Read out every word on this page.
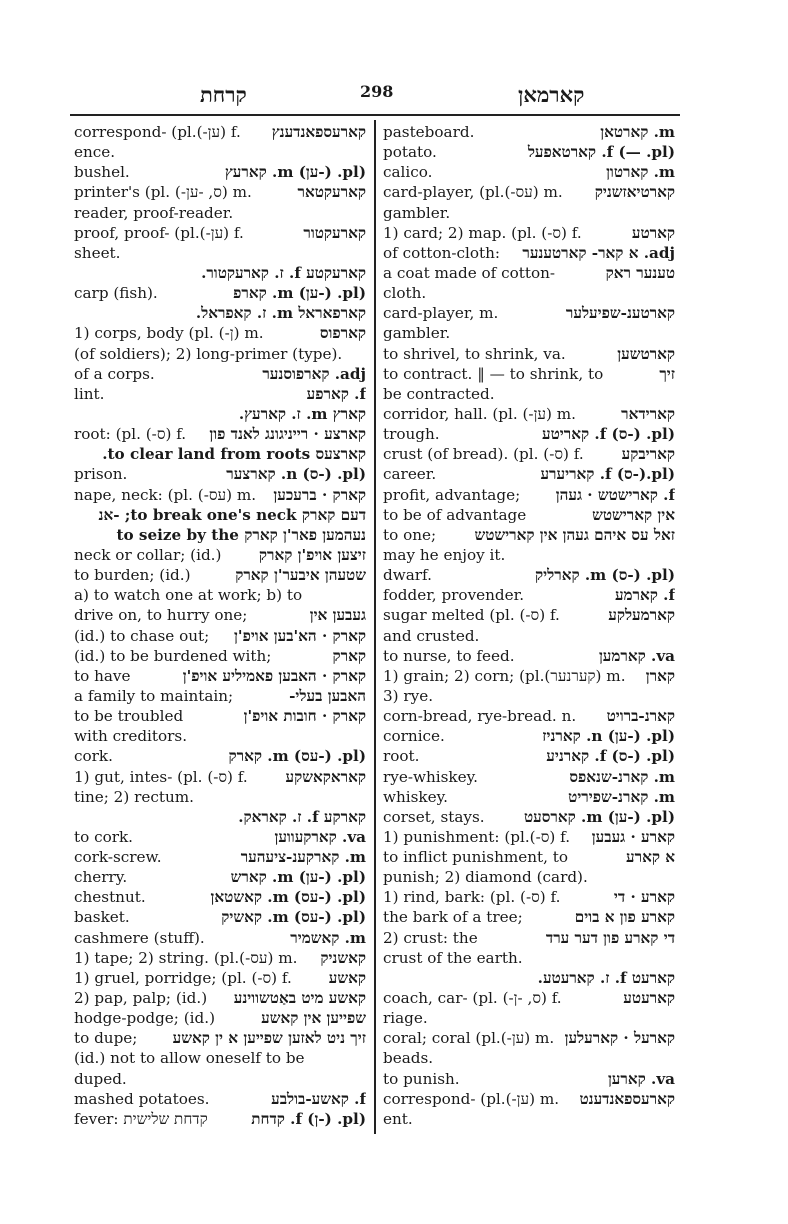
קרחת	298	קארמאן
correspond- (pl.(-ען) f. קארעספאנדענץ
ence.
bushel.	(pl. (-ען) m. קארעץ
printer's (pl. (-ס, -ען) m.	קארעקטאר
reader, proof-reader.
proof, proof- (pl.(-ען) f.	קארעקטור
sheet.
קארעקטע f. ז. קארעקטור.
carp (fish).	(pl. (-ען) m. קארפ
קארפאראל m. ז. קאפראל.
1) corps, body (pl. (-ן) m.	קארפוס
(of soldiers); 2) long-primer (type).
of a corps.	adj. קארפוסנער
lint.	f. קארפע
קארץ m. ז. קארעץ.
root: (pl. (-ס) f. קארצע · רייניגונג לאנד פון
קארצעס to clear land from roots.
prison.	(pl. (-ס) n. קארצער
nape, neck: (pl. (-עס) m. קארק · ברעכען
דעם קארק to break one's neck; -אנ
נעהמען פאר'ן קארק to seize by the
neck or collar; (id.) זיצען אויפ'ן קארק
to burden; (id.)	שטעהן איבער'ן קארק
a) to watch one at work; b) to
drive on, to hurry one;	געבען אין
(id.) to chase out; קארק · הא'בען אויפ'ן
(id.) to be burdened with;	קארק
to have	קארק · האבען פאמיליע אויפ'ן
a family to maintain;	האבען בעלי-
to be troubled	קארק · חובות אויפ'ן
with creditors.
cork.	(pl. (-עס) m. קארק
1) gut, intes- (pl. (-ס) f. קאראקאשקע
tine; 2) rectum.
קארקע f. ז. קאראק.
to cork.	va. קארקעווען
cork-screw.	m. קארקענ-ציעהער
cherry.	(pl. (-ען) m. קארש
chestnut.	(pl. (-עס) m. קאשטאן
basket.	(pl. (-עס) m. קאשיק
cashmere (stuff).	m. קאשמיר
1) tape; 2) string. (pl.(-עס) m. קאשניק
1) gruel, porridge; (pl. (-ס) f. קאשע
2) pap, palp; (id.) קאשע מיט באַטשווינע
hodge-podge; (id.)	שפייען אין קאשע
to dupe; זיך ניט לאזען שפייען א ין קאשע
(id.) not to allow oneself to be
duped.
mashed potatoes.	f. קאשע-בולבע
fever: קדחת שלישית	(pl. (-ן) f. קדחת
pasteboard.	m. קארטאן
potato.	(pl. —) f. קארטאפעל
calico.	m. קארטון
card-player, (pl.(-עס) m. קארטיאזשניק
gambler.
1) card; 2) map. (pl. (-ס) f.	קארטע
of cotton-cloth: adj. א קאר- קארטענער
a coat made of cotton-	טענער ראק
cloth.
card-player, m.	קארטענ-שפיעלער
gambler.
to shrivel, to shrink, va.	קארטשען
to contract. ‖ — to shrink, to	זיך
be contracted.
corridor, hall. (pl. (-ען) m.	קארידאר
trough.	(pl. (-ס) f. קאריטע
crust (of bread). (pl. (-ס) f. קאריבקע
career.	(pl.(-ס) f. קאריערע
profit, advantage; f. קארישטש · געהן
to be of advantage	אין קארישטש
to one;	זאל עס איהם געהן אין קארישטש
may he enjoy it.
dwarf.	(pl. (-ס) m. קארליק
fodder, provender.	f. קארמע
sugar melted (pl. (-ס) f.	קארמעלקע
and crusted.
to nurse, to feed.	va. קארמען
1) grain; 2) corn; (pl.(קערנער) m. קארן
3) rye.
corn-bread, rye-bread. n. קארנ-ברויט
cornice.	(pl. (-ען) n. קארניז
root.	(pl. (-ס) f. קארניע
rye-whiskey.	m. קארנ-שנאפס
whiskey.	m. קארנ-שפיריט
corset, stays.	(pl. (-ען) m. קארסעט
1) punishment: (pl.(-ס) f. קארע · געבען
to inflict punishment, to	א קארע
punish; 2) diamond (card).
1) rind, bark: (pl. (-ס) f.	קארע · די
the bark of a tree;	קארע פון א בוים
2) crust: the	די קארע פון דער ערד
crust of the earth.
קארעט f. ז. קארעטע.
coach, car- (pl. (-ס, -ן) f.	קארעטע
riage.
coral; coral (pl.(-ען) m. קארעל · קארעלען
beads.
to punish.	va. קארען
correspond- (pl.(-ען) m. קארעספאנדענט
ent.
